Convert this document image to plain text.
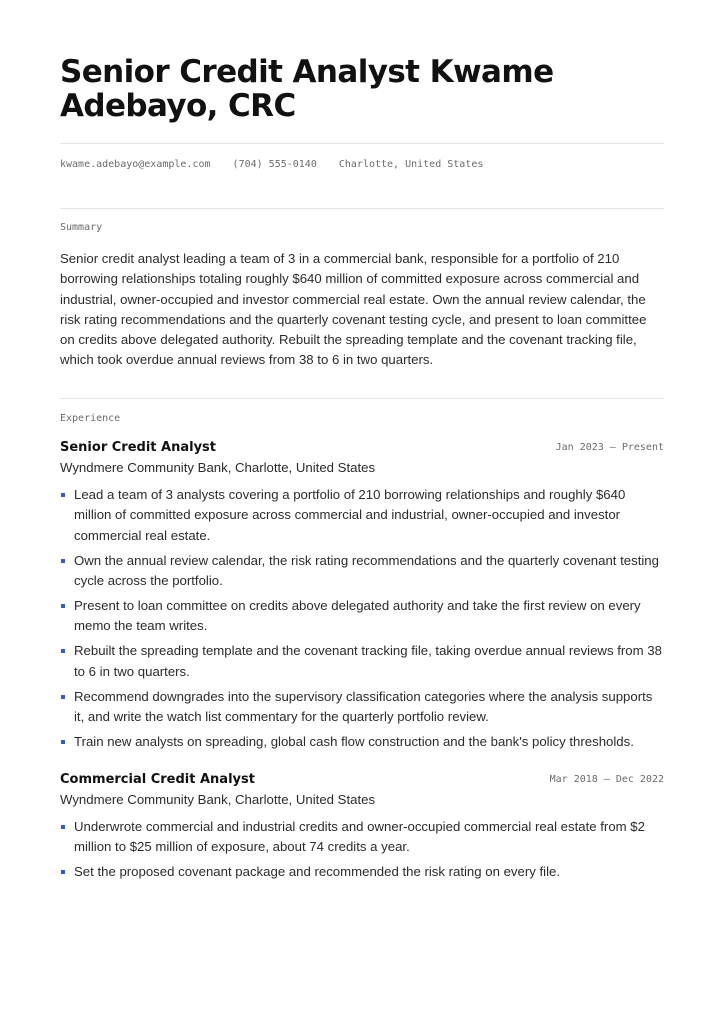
Senior Credit Analyst Kwame Adebayo, CRC
kwame.adebayo@example.com (704) 555-0140 Charlotte, United States
Summary

Senior credit analyst leading a team of 3 in a commercial bank, responsible for a portfolio of 210 borrowing relationships totaling roughly $640 million of committed exposure across commercial and industrial, owner-occupied and investor commercial real estate. Own the annual review calendar, the risk rating recommendations and the quarterly covenant testing cycle, and present to loan committee on credits above delegated authority. Rebuilt the spreading template and the covenant tracking file, which took overdue annual reviews from 38 to 6 in two quarters.

Experience
Senior Credit Analyst	Jan 2023 – Present
Wyndmere Community Bank, Charlotte, United States
Lead a team of 3 analysts covering a portfolio of 210 borrowing relationships and roughly $640 million of committed exposure across commercial and industrial, owner-occupied and investor commercial real estate.
Own the annual review calendar, the risk rating recommendations and the quarterly covenant testing cycle across the portfolio.
Present to loan committee on credits above delegated authority and take the first review on every memo the team writes.
Rebuilt the spreading template and the covenant tracking file, taking overdue annual reviews from 38 to 6 in two quarters.
Recommend downgrades into the supervisory classification categories where the analysis supports it, and write the watch list commentary for the quarterly portfolio review.
Train new analysts on spreading, global cash flow construction and the bank's policy thresholds.
Commercial Credit Analyst	Mar 2018 – Dec 2022
Wyndmere Community Bank, Charlotte, United States
Underwrote commercial and industrial credits and owner-occupied commercial real estate from $2 million to $25 million of exposure, about 74 credits a year.
Set the proposed covenant package and recommended the risk rating on every file.
